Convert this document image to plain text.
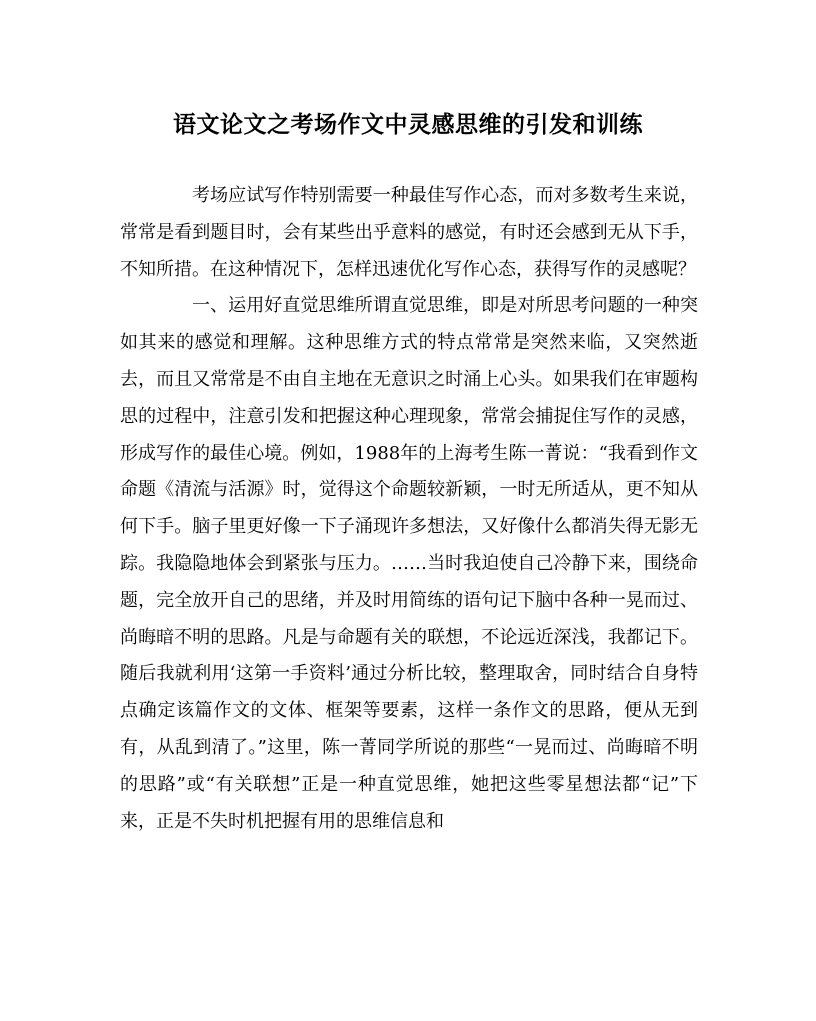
语文论文之考场作文中灵感思维的引发和训练

考场应试写作特别需要一种最佳写作心态，而对多数考生来说，常常是看到题目时，会有某些出乎意料的感觉，有时还会感到无从下手，不知所措。在这种情况下，怎样迅速优化写作心态，获得写作的灵感呢？

一、运用好直觉思维所谓直觉思维，即是对所思考问题的一种突如其来的感觉和理解。这种思维方式的特点常常是突然来临，又突然逝去，而且又常常是不由自主地在无意识之时涌上心头。如果我们在审题构思的过程中，注意引发和把握这种心理现象，常常会捕捉住写作的灵感，形成写作的最佳心境。例如，1988年的上海考生陈一菁说：“我看到作文命题《清流与活源》时，觉得这个命题较新颖，一时无所适从，更不知从何下手。脑子里更好像一下子涌现许多想法，又好像什么都消失得无影无踪。我隐隐地体会到紧张与压力。……当时我迫使自己冷静下来，围绕命题，完全放开自己的思绪，并及时用简练的语句记下脑中各种一晃而过、尚晦暗不明的思路。凡是与命题有关的联想，不论远近深浅，我都记下。随后我就利用‘这第一手资料’通过分析比较，整理取舍，同时结合自身特点确定该篇作文的文体、框架等要素，这样一条作文的思路，便从无到有，从乱到清了。”这里，陈一菁同学所说的那些“一晃而过、尚晦暗不明的思路”或“有关联想”正是一种直觉思维，她把这些零星想法都“记”下来，正是不失时机把握有用的思维信息和
